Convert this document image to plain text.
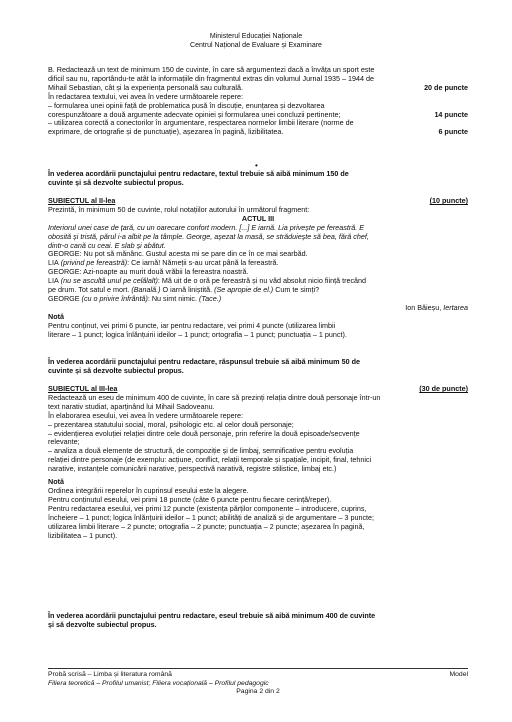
Ministerul Educației Naționale
Centrul Național de Evaluare și Examinare

B. Redactează un text de minimum 150 de cuvinte, în care să argumentezi dacă a învăța un sport este

dificil sau nu, raportându-te atât la informațiile din fragmentul extras din volumul Jurnal 1935 – 1944 de

Mihail Sebastian, cât și la experiența personală sau culturală.	20 de puncte

În redactarea textului, vei avea în vedere următoarele repere:

– formularea unei opinii față de problematica pusă în discuție, enunțarea și dezvoltarea

corespunzătoare a două argumente adecvate opiniei și formularea unei concluzii pertinente;	14 puncte

– utilizarea corectă a conectorilor în argumentare, respectarea normelor limbii literare (norme de

exprimare, de ortografie și de punctuație), așezarea în pagină, lizibilitatea.	6 puncte
•

În vederea acordării punctajului pentru redactare, textul trebuie să aibă minimum 150 de

cuvinte și să dezvolte subiectul propus.

SUBIECTUL al II-lea	(10 puncte)

Prezintă, în minimum 50 de cuvinte, rolul notațiilor autorului în următorul fragment:

ACTUL III

Interiorul unei case de țară, cu un oarecare confort modern. [...] E iarnă. Lia privește pe fereastră. E

obosită și tristă, părul i-a albit pe la tâmple. George, așezat la masă, se străduiește să bea, fără chef,

dintr-o cană cu ceai. E slab și abătut.

GEORGE: Nu pot să mănânc. Gustul acesta mi se pare din ce în ce mai searbăd.

LIA (privind pe fereastră): Ce iarnă! Nămeții s-au urcat până la fereastră.

GEORGE: Azi-noapte au murit două vrăbii la fereastra noastră.

LIA (nu se ascultă unul pe celălalt): Mă uit de o oră pe fereastră și nu văd absolut nicio ființă trecând

pe drum. Tot satul e mort. (Banală.) O iarnă liniștită. (Se apropie de el.) Cum te simți?

GEORGE (cu o privire înfrântă): Nu simt nimic. (Tace.)

Ion Băieșu, Iertarea

Notă

Pentru conținut, vei primi 6 puncte, iar pentru redactare, vei primi 4 puncte (utilizarea limbii

literare – 1 punct; logica înlănțuirii ideilor – 1 punct; ortografia – 1 punct; punctuația – 1 punct).

În vederea acordării punctajului pentru redactare, răspunsul trebuie să aibă minimum 50 de

cuvinte și să dezvolte subiectul propus.

SUBIECTUL al III-lea	(30 de puncte)

Redactează un eseu de minimum 400 de cuvinte, în care să prezinți relația dintre două personaje într-un

text narativ studiat, aparținând lui Mihail Sadoveanu.

În elaborarea eseului, vei avea în vedere următoarele repere:

– prezentarea statutului social, moral, psihologic etc. al celor două personaje;

– evidențierea evoluției relației dintre cele două personaje, prin referire la două episoade/secvențe

relevante;

– analiza a două elemente de structură, de compoziție și de limbaj, semnificative pentru evoluția

relației dintre personaje (de exemplu: acțiune, conflict, relații temporale și spațiale, incipit, final, tehnici

narative, instanțele comunicării narative, perspectivă narativă, registre stilistice, limbaj etc.)

Notă

Ordinea integrării reperelor în cuprinsul eseului este la alegere.

Pentru conținutul eseului, vei primi 18 puncte (câte 6 puncte pentru fiecare cerință/reper).

Pentru redactarea eseului, vei primi 12 puncte (existența părților componente – introducere, cuprins,

încheiere – 1 punct; logica înlănțuirii ideilor – 1 punct; abilități de analiză și de argumentare – 3 puncte;

utilizarea limbii literare – 2 puncte; ortografia – 2 puncte; punctuația – 2 puncte; așezarea în pagină,

lizibilitatea – 1 punct).

În vederea acordării punctajului pentru redactare, eseul trebuie să aibă minimum 400 de cuvinte

și să dezvolte subiectul propus.

Probă scrisă – Limba și literatura română	Model

Filiera teoretică – Profilul umanist; Filiera vocațională – Profilul pedagogic

Pagina 2 din 2
